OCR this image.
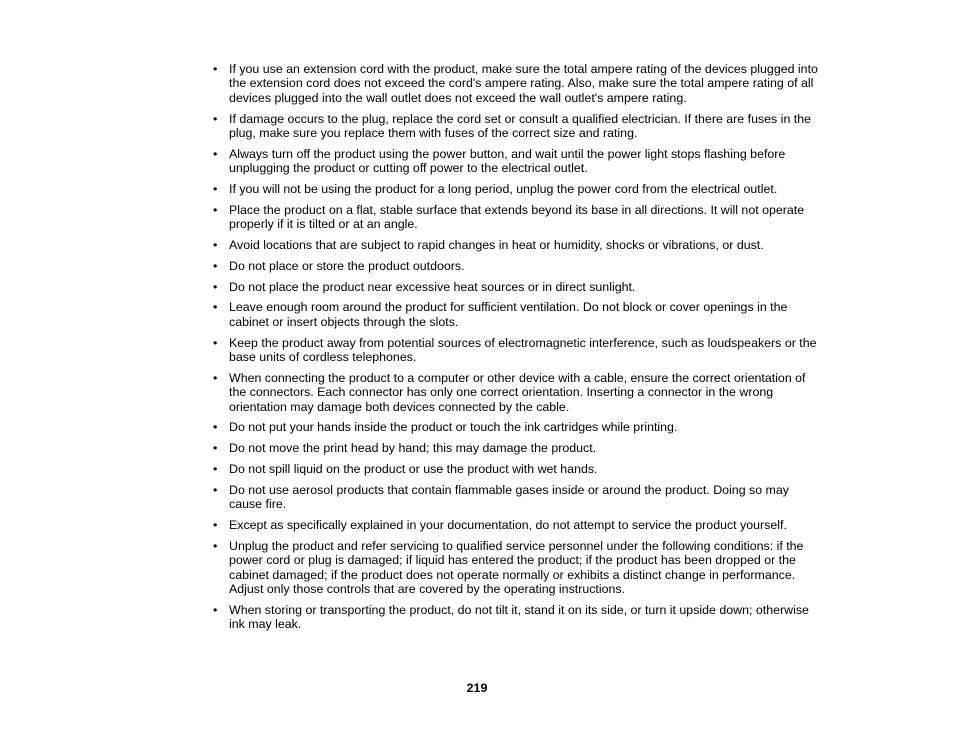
• If you use an extension cord with the product, make sure the total ampere rating of the devices plugged into the extension cord does not exceed the cord's ampere rating. Also, make sure the total ampere rating of all devices plugged into the wall outlet does not exceed the wall outlet's ampere rating.
• If damage occurs to the plug, replace the cord set or consult a qualified electrician. If there are fuses in the plug, make sure you replace them with fuses of the correct size and rating.
• Always turn off the product using the power button, and wait until the power light stops flashing before unplugging the product or cutting off power to the electrical outlet.
• If you will not be using the product for a long period, unplug the power cord from the electrical outlet.
• Place the product on a flat, stable surface that extends beyond its base in all directions. It will not operate properly if it is tilted or at an angle.
• Avoid locations that are subject to rapid changes in heat or humidity, shocks or vibrations, or dust.
• Do not place or store the product outdoors.
• Do not place the product near excessive heat sources or in direct sunlight.
• Leave enough room around the product for sufficient ventilation. Do not block or cover openings in the cabinet or insert objects through the slots.
• Keep the product away from potential sources of electromagnetic interference, such as loudspeakers or the base units of cordless telephones.
• When connecting the product to a computer or other device with a cable, ensure the correct orientation of the connectors. Each connector has only one correct orientation. Inserting a connector in the wrong orientation may damage both devices connected by the cable.
• Do not put your hands inside the product or touch the ink cartridges while printing.
• Do not move the print head by hand; this may damage the product.
• Do not spill liquid on the product or use the product with wet hands.
• Do not use aerosol products that contain flammable gases inside or around the product. Doing so may cause fire.
• Except as specifically explained in your documentation, do not attempt to service the product yourself.
• Unplug the product and refer servicing to qualified service personnel under the following conditions: if the power cord or plug is damaged; if liquid has entered the product; if the product has been dropped or the cabinet damaged; if the product does not operate normally or exhibits a distinct change in performance. Adjust only those controls that are covered by the operating instructions.
• When storing or transporting the product, do not tilt it, stand it on its side, or turn it upside down; otherwise ink may leak.
219
